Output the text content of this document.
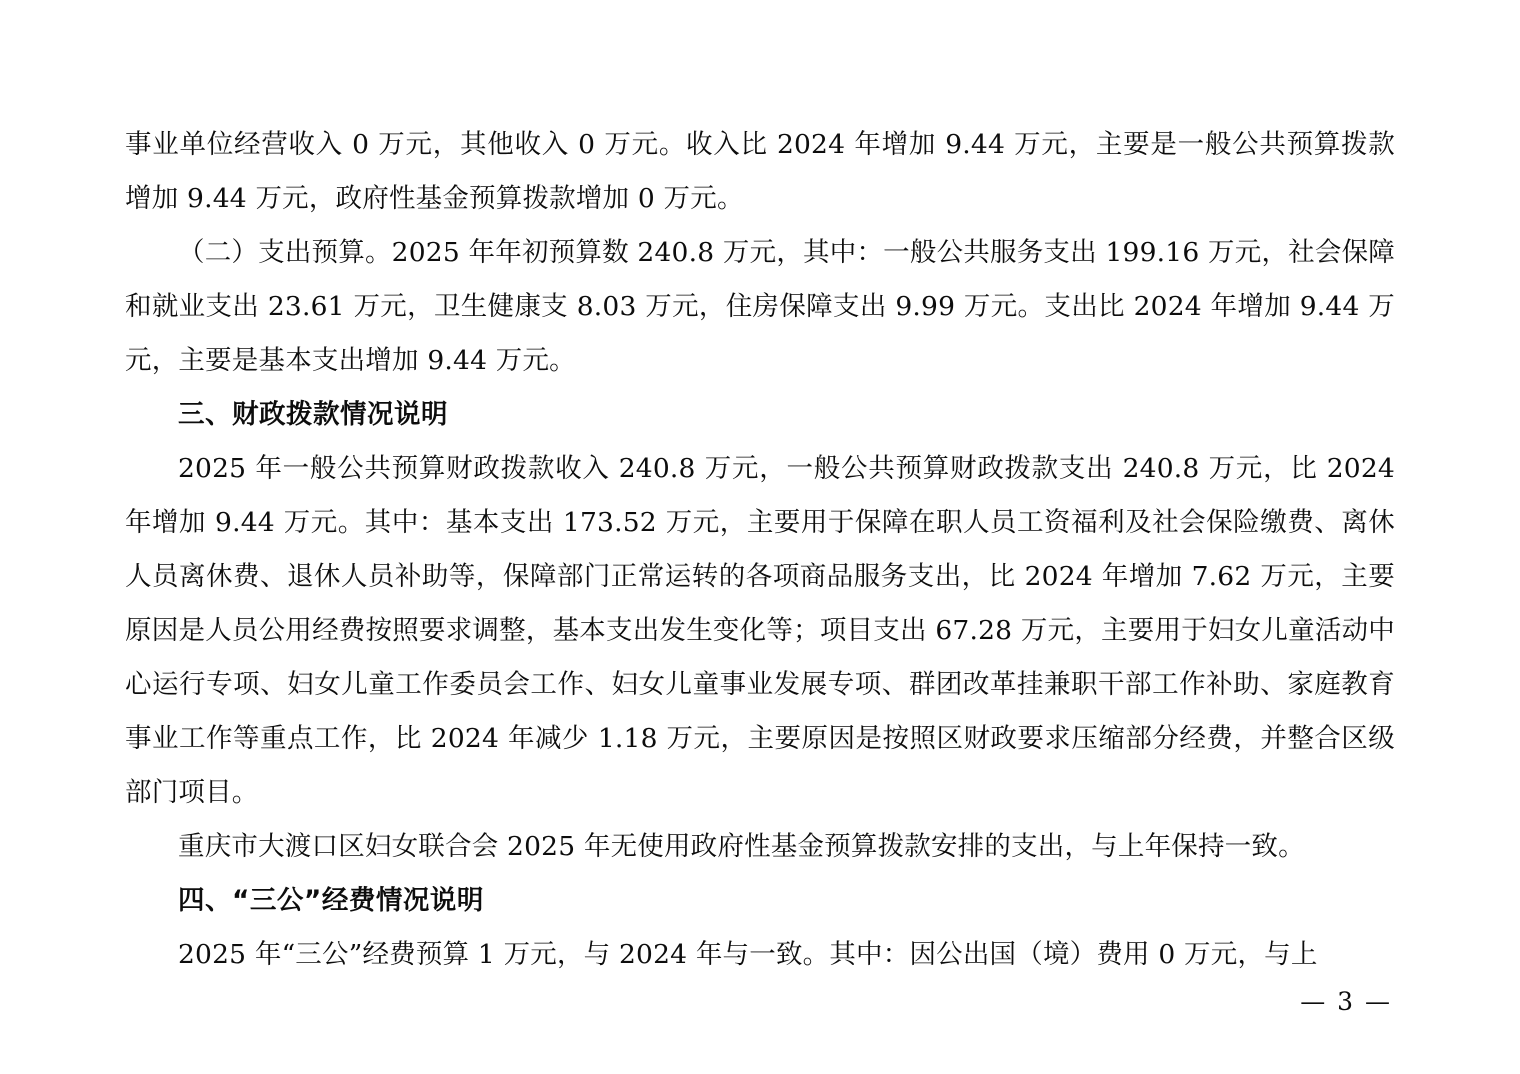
事业单位经营收入 0 万元，其他收入 0 万元。收入比 2024 年增加 9.44 万元，主要是一般公共预算拨款增加 9.44 万元，政府性基金预算拨款增加 0 万元。

（二）支出预算。2025 年年初预算数 240.8 万元，其中：一般公共服务支出 199.16 万元，社会保障和就业支出 23.61 万元，卫生健康支 8.03 万元，住房保障支出 9.99 万元。支出比 2024 年增加 9.44 万元，主要是基本支出增加 9.44 万元。

三、财政拨款情况说明

2025 年一般公共预算财政拨款收入 240.8 万元，一般公共预算财政拨款支出 240.8 万元，比 2024 年增加 9.44 万元。其中：基本支出 173.52 万元，主要用于保障在职人员工资福利及社会保险缴费、离休人员离休费、退休人员补助等，保障部门正常运转的各项商品服务支出，比 2024 年增加 7.62 万元，主要原因是人员公用经费按照要求调整，基本支出发生变化等；项目支出 67.28 万元，主要用于妇女儿童活动中心运行专项、妇女儿童工作委员会工作、妇女儿童事业发展专项、群团改革挂兼职干部工作补助、家庭教育事业工作等重点工作，比 2024 年减少 1.18 万元，主要原因是按照区财政要求压缩部分经费，并整合区级部门项目。

重庆市大渡口区妇女联合会 2025 年无使用政府性基金预算拨款安排的支出，与上年保持一致。

四、“三公”经费情况说明

2025 年“三公”经费预算 1 万元，与 2024 年与一致。其中：因公出国（境）费用 0 万元，与上

— 3 —
